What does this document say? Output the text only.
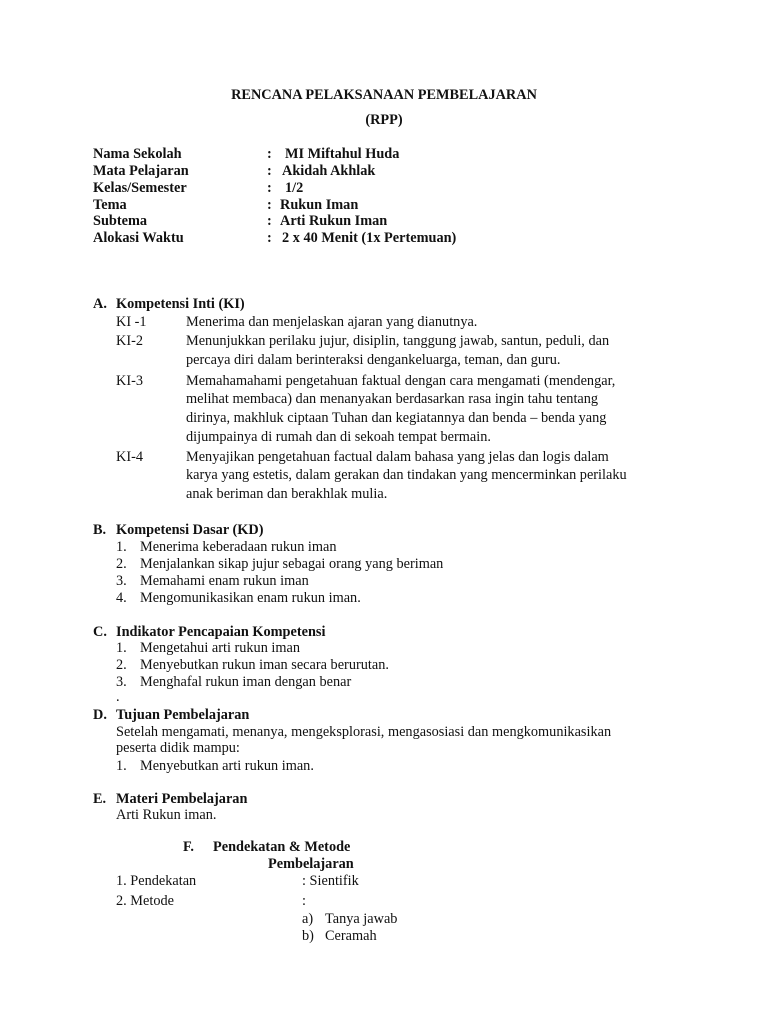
RENCANA PELAKSANAAN PEMBELAJARAN
(RPP)
Nama Sekolah	: MI Miftahul Huda
Mata Pelajaran	: Akidah Akhlak
Kelas/Semester	: 1/2
Tema	: Rukun Iman
Subtema	: Arti Rukun Iman
Alokasi Waktu	: 2 x 40 Menit (1x Pertemuan)
A. Kompetensi Inti (KI)
KI -1	Menerima dan menjelaskan ajaran yang dianutnya.
KI-2	Menunjukkan perilaku jujur, disiplin, tanggung jawab, santun, peduli, dan
percaya diri dalam berinteraksi dengankeluarga, teman, dan guru.
KI-3	Memahamahami pengetahuan faktual dengan cara mengamati (mendengar,
melihat membaca) dan menanyakan berdasarkan rasa ingin tahu tentang
dirinya, makhluk ciptaan Tuhan dan kegiatannya dan benda – benda yang
dijumpainya di rumah dan di sekoah tempat bermain.
KI-4	Menyajikan pengetahuan factual dalam bahasa yang jelas dan logis dalam
karya yang estetis, dalam gerakan dan tindakan yang mencerminkan perilaku
anak beriman dan berakhlak mulia.
B. Kompetensi Dasar (KD)
1. Menerima keberadaan rukun iman
2. Menjalankan sikap jujur sebagai orang yang beriman
3. Memahami enam rukun iman
4. Mengomunikasikan enam rukun iman.
C. Indikator Pencapaian Kompetensi
1. Mengetahui arti rukun iman
2. Menyebutkan rukun iman secara berurutan.
3. Menghafal rukun iman dengan benar
.
D. Tujuan Pembelajaran
Setelah mengamati, menanya, mengeksplorasi, mengasosiasi dan mengkomunikasikan
peserta didik mampu:
1. Menyebutkan arti rukun iman.
E. Materi Pembelajaran
Arti Rukun iman.
F. Pendekatan & Metode
Pembelajaran
1. Pendekatan	: Sientifik
2. Metode	:
a) Tanya jawab
b) Ceramah
